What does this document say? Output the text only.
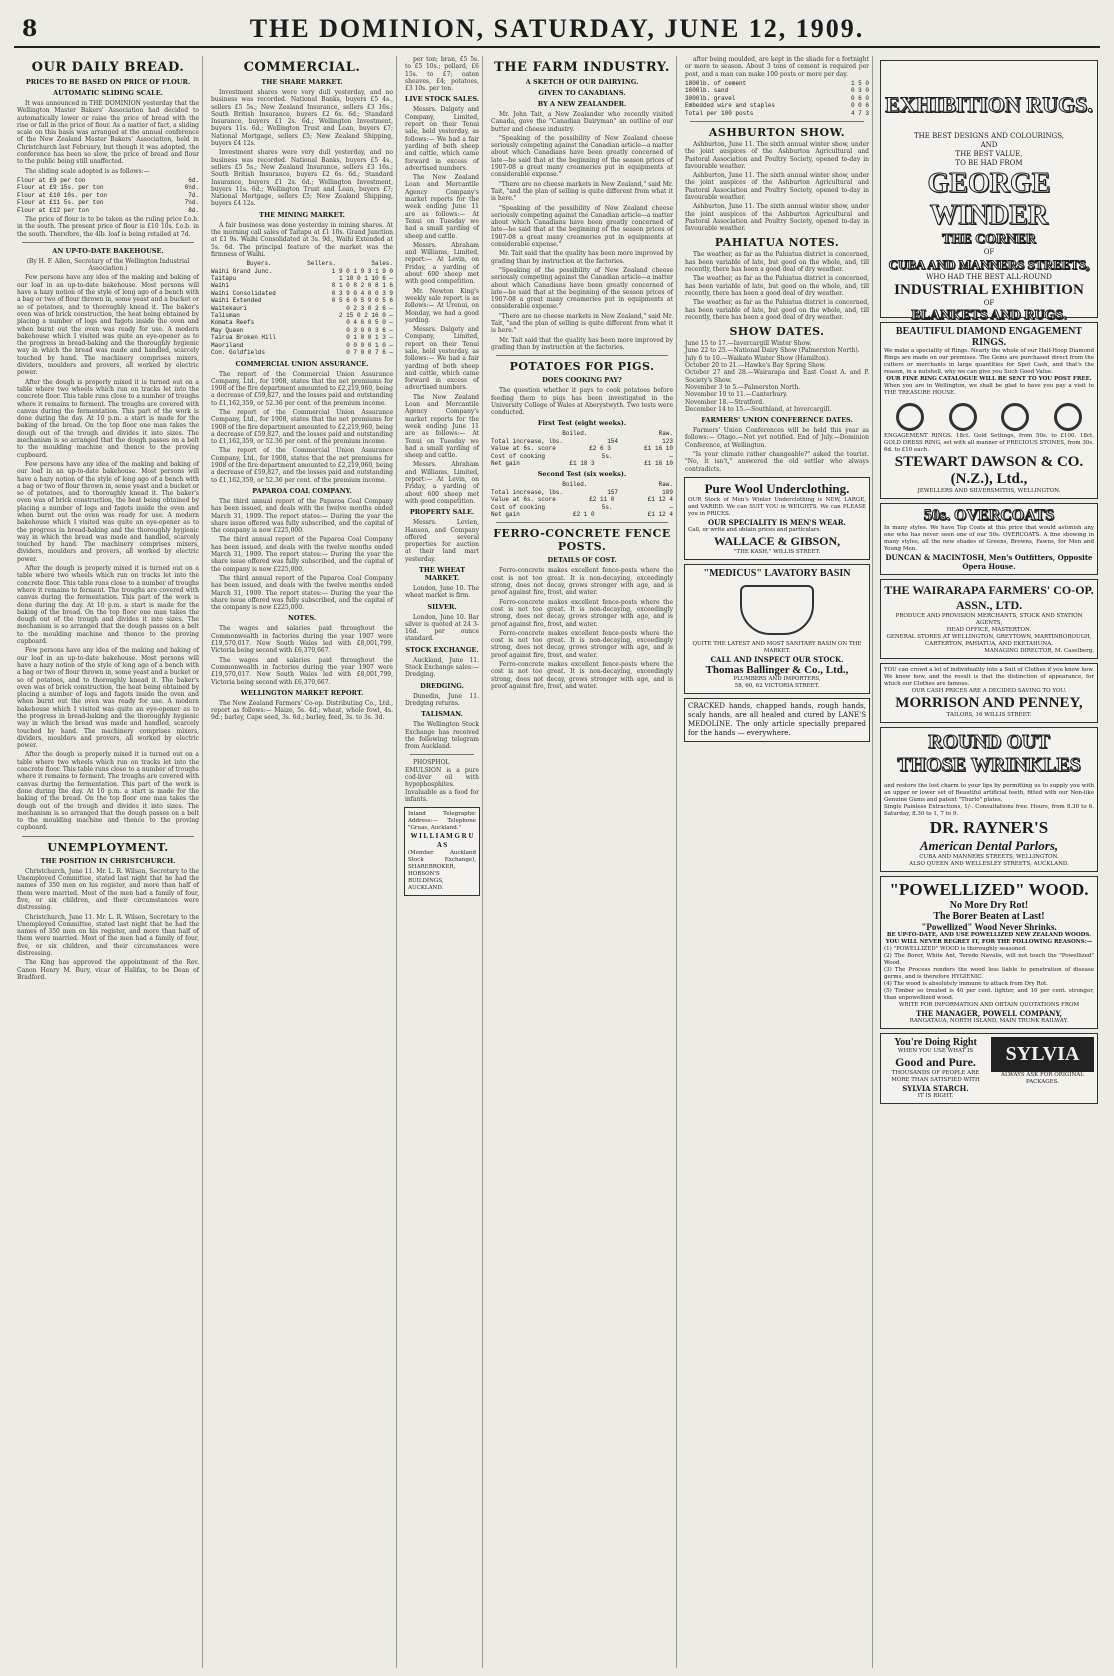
8	THE DOMINION, SATURDAY, JUNE 12, 1909.
OUR DAILY BREAD.
PRICES TO BE BASED ON PRICE OF FLOUR.
AUTOMATIC SLIDING SCALE.

It was announced in THE DOMINION yesterday that the Wellington Master Bakers' Association had decided to automatically lower or raise the price of bread with the rise or fall in the price of flour. As a matter of fact, a sliding scale on this basis was arranged at the annual conference of the New Zealand Master Bakers' Association, held in Christchurch last February, but though it was adopted, the conference has been so slow, the price of bread and flour to the public being still unaffected.

The sliding scale adopted is as follows:—

Flour at £9 per ton	6d.
Flour at £9 15s. per ton	6½d.
Flour at £10 10s. per ton	7d.
Flour at £11 5s. per ton	7½d.
Flour at £12 per ton	8d.

The price of flour is to be taken as the ruling price f.o.b. in the south. The present price of flour is £10 10s. f.o.b. in the south. Therefore, the 4lb. loaf is being retailed at 7d.

AN UP-TO-DATE BAKEHOUSE.

(By H. F. Allen, Secretary of the Wellington Industrial Association.)

Few persons have any idea of the making and baking of our loaf in an up-to-date bakehouse. Most persons will have a hazy notion of the style of long ago of a bench with a bag or two of flour thrown in, some yeast and a bucket or so of potatoes, and to thoroughly knead it. The baker's oven was of brick construction, the heat being obtained by placing a number of logs and fagots inside the oven and when burnt out the oven was ready for use. A modern bakehouse which I visited was quite an eye-opener as to the progress in bread-baking and the thoroughly hygienic way in which the bread was made and handled, scarcely touched by hand. The machinery comprises mixers, dividers, moulders and provers, all worked by electric power.

After the dough is properly mixed it is turned out on a table where two wheels which run on tracks let into the concrete floor. This table runs close to a number of troughs where it remains to ferment. The troughs are covered with canvas during the fermentation. This part of the work is done during the day. At 10 p.m. a start is made for the baking of the bread. On the top floor one man takes the dough out of the trough and divides it into sizes. The mechanism is so arranged that the dough passes on a belt to the moulding machine and thence to the proving cupboard.

Few persons have any idea of the making and baking of our loaf in an up-to-date bakehouse. Most persons will have a hazy notion of the style of long ago of a bench with a bag or two of flour thrown in, some yeast and a bucket or so of potatoes, and to thoroughly knead it. The baker's oven was of brick construction, the heat being obtained by placing a number of logs and fagots inside the oven and when burnt out the oven was ready for use. A modern bakehouse which I visited was quite an eye-opener as to the progress in bread-baking and the thoroughly hygienic way in which the bread was made and handled, scarcely touched by hand. The machinery comprises mixers, dividers, moulders and provers, all worked by electric power.

After the dough is properly mixed it is turned out on a table where two wheels which run on tracks let into the concrete floor. This table runs close to a number of troughs where it remains to ferment. The troughs are covered with canvas during the fermentation. This part of the work is done during the day. At 10 p.m. a start is made for the baking of the bread. On the top floor one man takes the dough out of the trough and divides it into sizes. The mechanism is so arranged that the dough passes on a belt to the moulding machine and thence to the proving cupboard.

Few persons have any idea of the making and baking of our loaf in an up-to-date bakehouse. Most persons will have a hazy notion of the style of long ago of a bench with a bag or two of flour thrown in, some yeast and a bucket or so of potatoes, and to thoroughly knead it. The baker's oven was of brick construction, the heat being obtained by placing a number of logs and fagots inside the oven and when burnt out the oven was ready for use. A modern bakehouse which I visited was quite an eye-opener as to the progress in bread-baking and the thoroughly hygienic way in which the bread was made and handled, scarcely touched by hand. The machinery comprises mixers, dividers, moulders and provers, all worked by electric power.

After the dough is properly mixed it is turned out on a table where two wheels which run on tracks let into the concrete floor. This table runs close to a number of troughs where it remains to ferment. The troughs are covered with canvas during the fermentation. This part of the work is done during the day. At 10 p.m. a start is made for the baking of the bread. On the top floor one man takes the dough out of the trough and divides it into sizes. The mechanism is so arranged that the dough passes on a belt to the moulding machine and thence to the proving cupboard.

UNEMPLOYMENT.
THE POSITION IN CHRISTCHURCH.

Christchurch, June 11. Mr. L. R. Wilson, Secretary to the Unemployed Committee, stated last night that he had the names of 350 men on his register, and more than half of them were married. Most of the men had a family of four, five, or six children, and their circumstances were distressing.

Christchurch, June 11. Mr. L. R. Wilson, Secretary to the Unemployed Committee, stated last night that he had the names of 350 men on his register, and more than half of them were married. Most of the men had a family of four, five, or six children, and their circumstances were distressing.

The King has approved the appointment of the Rev. Canon Henry M. Bury, vicar of Halifax, to be Dean of Bradford.

COMMERCIAL.
THE SHARE MARKET.

Investment shares were very dull yesterday, and no business was recorded. National Banks, buyers £5 4s., sellers £5 5s.; New Zealand Insurance, sellers £3 16s.; South British Insurance, buyers £2 6s. 6d.; Standard Insurance, buyers £1 2s. 6d.; Wellington Investment, buyers 11s. 6d.; Wellington Trust and Loan, buyers £7; National Mortgage, sellers £5; New Zealand Shipping, buyers £4 12s.

Investment shares were very dull yesterday, and no business was recorded. National Banks, buyers £5 4s., sellers £5 5s.; New Zealand Insurance, sellers £3 16s.; South British Insurance, buyers £2 6s. 6d.; Standard Insurance, buyers £1 2s. 6d.; Wellington Investment, buyers 11s. 6d.; Wellington Trust and Loan, buyers £7; National Mortgage, sellers £5; New Zealand Shipping, buyers £4 12s.

THE MINING MARKET.

A fair business was done yesterday in mining shares. At the morning call sales of Taitapu at £1 10s. Grand Junction at £1 9s. Waihi Consolidated at 3s. 9d., Waihi Extended at 5s. 6d. The principal feature of the market was the firmness of Waihi.

Buyers.	Sellers.	Sales.
Waihi Grand Junc.	1 9 0 1 9 3 1 9 0
Taitapu	1 10 0 1 10 6 —
Waihi	8 1 0 8 2 0 8 1 6
Waihi Consolidated	0 3 9 0 4 0 0 3 9
Waihi Extended	0 5 6 0 5 9 0 5 6
Waitekauri	0 2 3 0 2 6 —
Talisman	2 15 0 2 16 0 —
Komata Reefs	0 4 6 0 5 0 —
May Queen	0 3 0 0 3 6 —
Tairua Broken Hill	0 1 0 0 1 3 —
Maoriland	0 0 9 0 1 0 —
Con. Goldfields	0 7 0 0 7 6 —
COMMERCIAL UNION ASSURANCE.

The report of the Commercial Union Assurance Company, Ltd., for 1908, states that the net premiums for 1908 of the fire department amounted to £2,219,960, being a decrease of £59,827, and the losses paid and outstanding to £1,162,359, or 52.36 per cent. of the premium income.

The report of the Commercial Union Assurance Company, Ltd., for 1908, states that the net premiums for 1908 of the fire department amounted to £2,219,960, being a decrease of £59,827, and the losses paid and outstanding to £1,162,359, or 52.36 per cent. of the premium income.

The report of the Commercial Union Assurance Company, Ltd., for 1908, states that the net premiums for 1908 of the fire department amounted to £2,219,960, being a decrease of £59,827, and the losses paid and outstanding to £1,162,359, or 52.36 per cent. of the premium income.

PAPAROA COAL COMPANY.

The third annual report of the Paparoa Coal Company has been issued, and deals with the twelve months ended March 31, 1909. The report states:— During the year the share issue offered was fully subscribed, and the capital of the company is now £225,000.

The third annual report of the Paparoa Coal Company has been issued, and deals with the twelve months ended March 31, 1909. The report states:— During the year the share issue offered was fully subscribed, and the capital of the company is now £225,000.

The third annual report of the Paparoa Coal Company has been issued, and deals with the twelve months ended March 31, 1909. The report states:— During the year the share issue offered was fully subscribed, and the capital of the company is now £225,000.

NOTES.

The wages and salaries paid throughout the Commonwealth in factories during the year 1907 were £19,570,017. New South Wales led with £8,001,799, Victoria being second with £6,370,667.

The wages and salaries paid throughout the Commonwealth in factories during the year 1907 were £19,570,017. New South Wales led with £8,001,799, Victoria being second with £6,370,667.

WELLINGTON MARKET REPORT.

The New Zealand Farmers' Co-op. Distributing Co., Ltd., report as follows:— Maize, 5s. 4d.; wheat, whole fowl, 4s. 9d.; barley, Cape seed, 3s. 6d.; barley, feed, 3s. to 3s. 3d.

per ton; bran, £5 5s. to £5 10s.; pollard, £6 15s. to £7; oaten sheaves, £4; potatoes, £3 10s. per ton.

LIVE STOCK SALES.

Messrs. Dalgety and Company, Limited, report on their Tenui sale, held yesterday, as follows:— We had a fair yarding of both sheep and cattle, which came forward in excess of advertised numbers.

The New Zealand Loan and Mercantile Agency Company's market reports for the week ending June 11 are as follows:— At Tenui on Tuesday we had a small yarding of sheep and cattle.

Messrs. Abraham and Williams, Limited, report:— At Levin, on Friday, a yarding of about 600 sheep met with good competition.

Mr. Newton King's weekly sale report is as follows:— At Urenui, on Monday, we had a good yarding.

Messrs. Dalgety and Company, Limited, report on their Tenui sale, held yesterday, as follows:— We had a fair yarding of both sheep and cattle, which came forward in excess of advertised numbers.

The New Zealand Loan and Mercantile Agency Company's market reports for the week ending June 11 are as follows:— At Tenui on Tuesday we had a small yarding of sheep and cattle.

Messrs. Abraham and Williams, Limited, report:— At Levin, on Friday, a yarding of about 600 sheep met with good competition.

PROPERTY SALE.

Messrs. Levien, Hanson, and Company offered several properties for auction at their land mart yesterday.

THE WHEAT MARKET.

London, June 10. The wheat market is firm.

SILVER.

London, June 10. Bar silver is quoted at 24 3-16d. per ounce standard.

STOCK EXCHANGE.

Auckland, June 11. Stock Exchange sales:— Dredging.

DREDGING.

Dunedin, June 11. Dredging returns.

TALISMAN.

The Wellington Stock Exchange has received the following telegram from Auckland.

PHOSPHOL EMULSION is a pure cod-liver oil with hypophosphites. Invaluable as a food for infants.

Inland Telegraphic Address:— Telephone "Gruas, Auckland."
W I L L I A M G R U A S
(Member Auckland Stock Exchange), SHAREBROKER, HOBSON'S BUILDINGS, AUCKLAND.
THE FARM INDUSTRY.
A SKETCH OF OUR DAIRYING.
GIVEN TO CANADIANS.
BY A NEW ZEALANDER.

Mr. John Tait, a New Zealander who recently visited Canada, gave the "Canadian Dairyman" an outline of our butter and cheese industry.

"Speaking of the possibility of New Zealand cheese seriously competing against the Canadian article—a matter about which Canadians have been greatly concerned of late—he said that at the beginning of the season prices of 1907-08 a great many creameries put in equipments at considerable expense."

"There are no cheese markets in New Zealand," said Mr. Tait, "and the plan of selling is quite different from what it is here."

"Speaking of the possibility of New Zealand cheese seriously competing against the Canadian article—a matter about which Canadians have been greatly concerned of late—he said that at the beginning of the season prices of 1907-08 a great many creameries put in equipments at considerable expense."

Mr. Tait said that the quality has been more improved by grading than by instruction at the factories.

"Speaking of the possibility of New Zealand cheese seriously competing against the Canadian article—a matter about which Canadians have been greatly concerned of late—he said that at the beginning of the season prices of 1907-08 a great many creameries put in equipments at considerable expense."

"There are no cheese markets in New Zealand," said Mr. Tait, "and the plan of selling is quite different from what it is here."

Mr. Tait said that the quality has been more improved by grading than by instruction at the factories.

POTATOES FOR PIGS.
DOES COOKING PAY?

The question whether it pays to cook potatoes before feeding them to pigs has been investigated in the University College of Wales at Aberystwyth. Two tests were conducted.

First Test (eight weeks).
Boiled.	Raw.
Total increase, lbs.	154	123
Value at 6s. score	£2 6 3	£1 16 10
Cost of cooking	5s.	—
Net gain	£1 18 3	£1 16 10
Second Test (six weeks).
Boiled.	Raw.
Total increase, lbs.	157	109
Value at 6s. score	£2 11 0	£1 12 4
Cost of cooking	5s.	—
Net gain	£2 1 0	£1 12 4
FERRO-CONCRETE FENCE POSTS.
DETAILS OF COST.

Ferro-concrete makes excellent fence-posts where the cost is not too great. It is non-decaying, exceedingly strong, does not decay, grows stronger with age, and is proof against fire, frost, and water.

Ferro-concrete makes excellent fence-posts where the cost is not too great. It is non-decaying, exceedingly strong, does not decay, grows stronger with age, and is proof against fire, frost, and water.

Ferro-concrete makes excellent fence-posts where the cost is not too great. It is non-decaying, exceedingly strong, does not decay, grows stronger with age, and is proof against fire, frost, and water.

Ferro-concrete makes excellent fence-posts where the cost is not too great. It is non-decaying, exceedingly strong, does not decay, grows stronger with age, and is proof against fire, frost, and water.

after being moulded, are kept in the shade for a fortnight or more to season. About 3 tons of cement is required per post, and a man can make 100 posts or more per day.

1800lb. of cement	1 5 0
1600lb. sand	0 3 0
3000lb. gravel	0 6 0
Embedded wire and staples	0 0 6
Total per 100 posts	4 7 3
ASHBURTON SHOW.

Ashburton, June 11. The sixth annual winter show, under the joint auspices of the Ashburton Agricultural and Pastoral Association and Poultry Society, opened to-day in favourable weather.

Ashburton, June 11. The sixth annual winter show, under the joint auspices of the Ashburton Agricultural and Pastoral Association and Poultry Society, opened to-day in favourable weather.

Ashburton, June 11. The sixth annual winter show, under the joint auspices of the Ashburton Agricultural and Pastoral Association and Poultry Society, opened to-day in favourable weather.

PAHIATUA NOTES.

The weather, as far as the Pahiatua district is concerned, has been variable of late, but good on the whole, and, till recently, there has been a good deal of dry weather.

The weather, as far as the Pahiatua district is concerned, has been variable of late, but good on the whole, and, till recently, there has been a good deal of dry weather.

The weather, as far as the Pahiatua district is concerned, has been variable of late, but good on the whole, and, till recently, there has been a good deal of dry weather.

SHOW DATES.
June 15 to 17.—Invercargill Winter Show.
June 22 to 25.—National Dairy Show (Palmerston North).
July 6 to 10.—Waikato Winter Show (Hamilton).
October 20 to 21.—Hawke's Bay Spring Show.
October 27 and 28.—Wairarapa and East Coast A. and P. Society's Show.
November 3 to 5.—Palmerston North.
November 10 to 11.—Canterbury.
November 18.—Stratford.
December 14 to 15.—Southland, at Invercargill.
FARMERS' UNION CONFERENCE DATES.

Farmers' Union Conferences will be held this year as follows:— Otago.—Not yet notified. End of July.—Dominion Conference, at Wellington.

"Is your climate rather changeable?" asked the tourist. "No, it isn't," answered the old settler who always contradicts.

Pure Wool Underclothing.
OUR Stock of Men's Winter Underclothing is NEW, LARGE, and VARIED. We can SUIT YOU in WEIGHTS. We can PLEASE you in PRICES.
OUR SPECIALITY IS MEN'S WEAR.
Call, or write and obtain prices and particulars.
WALLACE & GIBSON,
"THE KASH," WILLIS STREET.
"MEDICUS" LAVATORY BASIN
QUITE THE LATEST AND MOST SANITARY BASIN ON THE MARKET.
CALL AND INSPECT OUR STOCK.
Thomas Ballinger & Co., Ltd.,
PLUMBERS AND IMPORTERS,
58, 60, 62 VICTORIA STREET.
CRACKED hands, chapped hands, rough hands, scaly hands, are all healed and cured by LANE'S MEDOLINE. The only article specially prepared for the hands — everywhere.
EXHIBITION RUGS.
THE BEST DESIGNS AND COLOURINGS,
AND
THE BEST VALUE,
TO BE HAD FROM
GEORGE WINDER
THE CORNER
OF
CUBA AND MANNERS STREETS,
WHO HAD THE BEST ALL-ROUND
INDUSTRIAL EXHIBITION
OF
BLANKETS AND RUGS.
BEAUTIFUL DIAMOND ENGAGEMENT RINGS.
We make a speciality of Rings. Nearly the whole of our Half-Hoop Diamond Rings are made on our premises. The Gems are purchased direct from the cutters or merchants in large quantities for Spot Cash, and that's the reason, in a nutshell, why we can give you Such Good Value.
OUR FINE RING CATALOGUE WILL BE SENT TO YOU POST FREE.
When you are in Wellington, we shall be glad to have you pay a visit to THE TREASURE HOUSE.
ENGAGEMENT RINGS. 18ct. Gold Settings, from 50s. to £100. 18ct. GOLD DRESS RING, set with all manner of PRECIOUS STONES, from 30s. 6d. to £10 each.
STEWART DAWSON & CO. (N.Z.), Ltd.,
JEWELLERS AND SILVERSMITHS, WELLINGTON.
50s. OVERCOATS
In many styles. We have Top Coats at this price that would astonish any one who has never seen one of our 50s. OVERCOATS. A fine showing in many styles, all the new shades of Greens, Browns, Fawns, for Men and Young Men.
DUNCAN & MACINTOSH, Men's Outfitters, Opposite Opera House.
THE WAIRARAPA FARMERS' CO-OP. ASSN., LTD.
PRODUCE AND PROVISION MERCHANTS, STOCK AND STATION AGENTS,
HEAD OFFICE, MASTERTON.
GENERAL STORES AT WELLINGTON, GREYTOWN, MARTINBOROUGH, CARTERTON, PAHIATUA, AND EKETAHUNA.
MANAGING DIRECTOR, M. Caselberg.
YOU can crowd a lot of individuality into a Suit of Clothes if you know how. We know how, and the result is that the distinction of appearance, for which our Clothes are famous.
OUR CASH PRICES ARE A DECIDED SAVING TO YOU.
MORRISON AND PENNEY,
TAILORS, 16 WILLIS STREET.
ROUND OUT
THOSE WRINKLES
and restore the lost charm to your lips by permitting us to supply you with an upper or lower set of Beautiful artificial teeth, fitted with our Non-like Genuine Gums and patent "Thurlo" plates.
Single Painless Extractions, 1/-. Consultations free. Hours, from 8.30 to 6. Saturday, 8.30 to 1, 7 to 9.
DR. RAYNER'S
American Dental Parlors,
CUBA AND MANNERS STREETS, WELLINGTON.
ALSO QUEEN AND WELLESLEY STREETS, AUCKLAND.
"POWELLIZED" WOOD.
No More Dry Rot!
The Borer Beaten at Last!
"Powellized" Wood Never Shrinks.
BE UP-TO-DATE, AND USE POWELLIZED NEW ZEALAND WOODS. YOU WILL NEVER REGRET IT, FOR THE FOLLOWING REASONS:—
(1) "POWELLIZED" WOOD is thoroughly seasoned.
(2) The Borer, White Ant, Teredo Navalis, will not touch the "Powellized" Wood.
(3) The Process renders the wood less liable to penetration of disease germs, and is therefore HYGIENIC.
(4) The wood is absolutely immune to attack from Dry Rot.
(5) Timber so treated is 40 per cent. lighter, and 10 per cent. stronger, than unpowellized wood.
WRITE FOR INFORMATION AND OBTAIN QUOTATIONS FROM
THE MANAGER, POWELL COMPANY,
RANGATAUA, NORTH ISLAND, MAIN TRUNK RAILWAY.
You're Doing Right
WHEN YOU USE WHAT IS
Good and Pure.
THOUSANDS OF PEOPLE ARE MORE THAN SATISFIED WITH
SYLVIA STARCH.
IT IS RIGHT.
SYLVIA
ALWAYS ASK FOR ORIGINAL PACKAGES.
